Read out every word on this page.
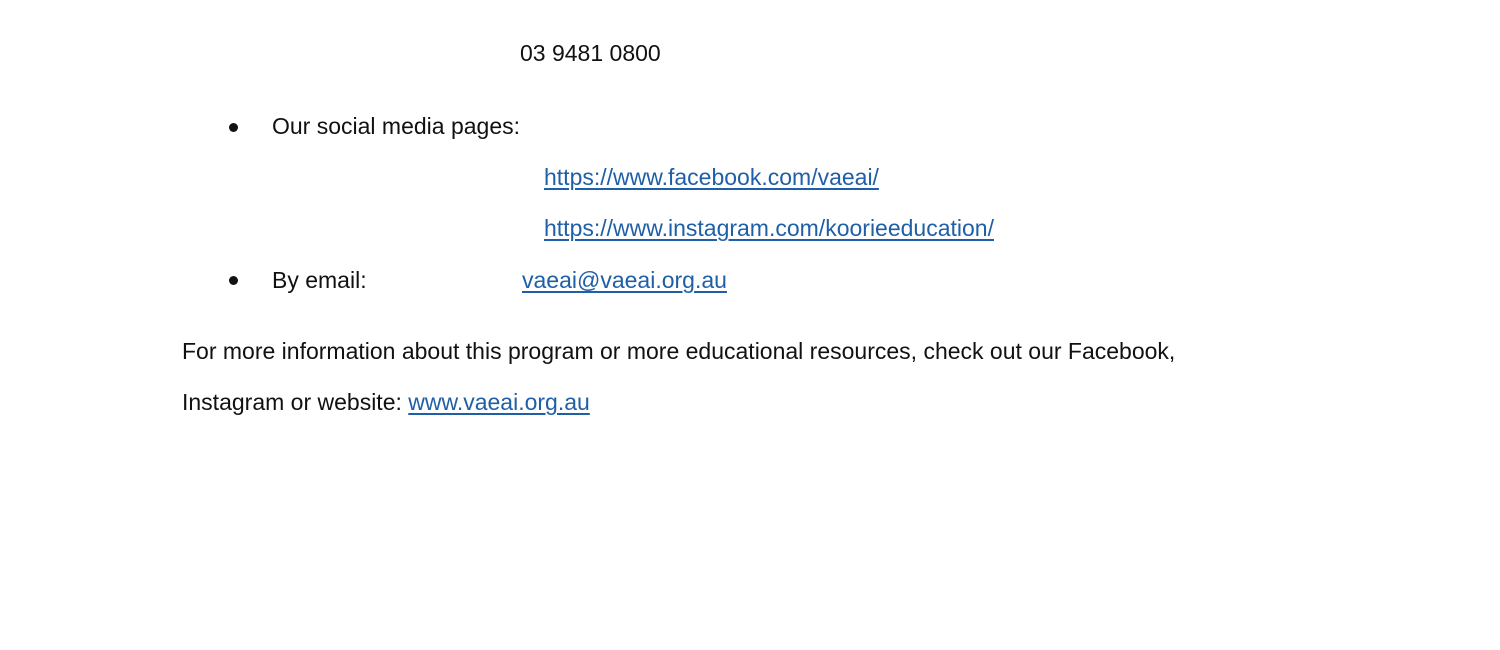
03 9481 0800
Our social media pages:
https://www.facebook.com/vaeai/
https://www.instagram.com/koorieeducation/
By email:	vaeai@vaeai.org.au
For more information about this program or more educational resources, check out our Facebook,
Instagram or website: www.vaeai.org.au
